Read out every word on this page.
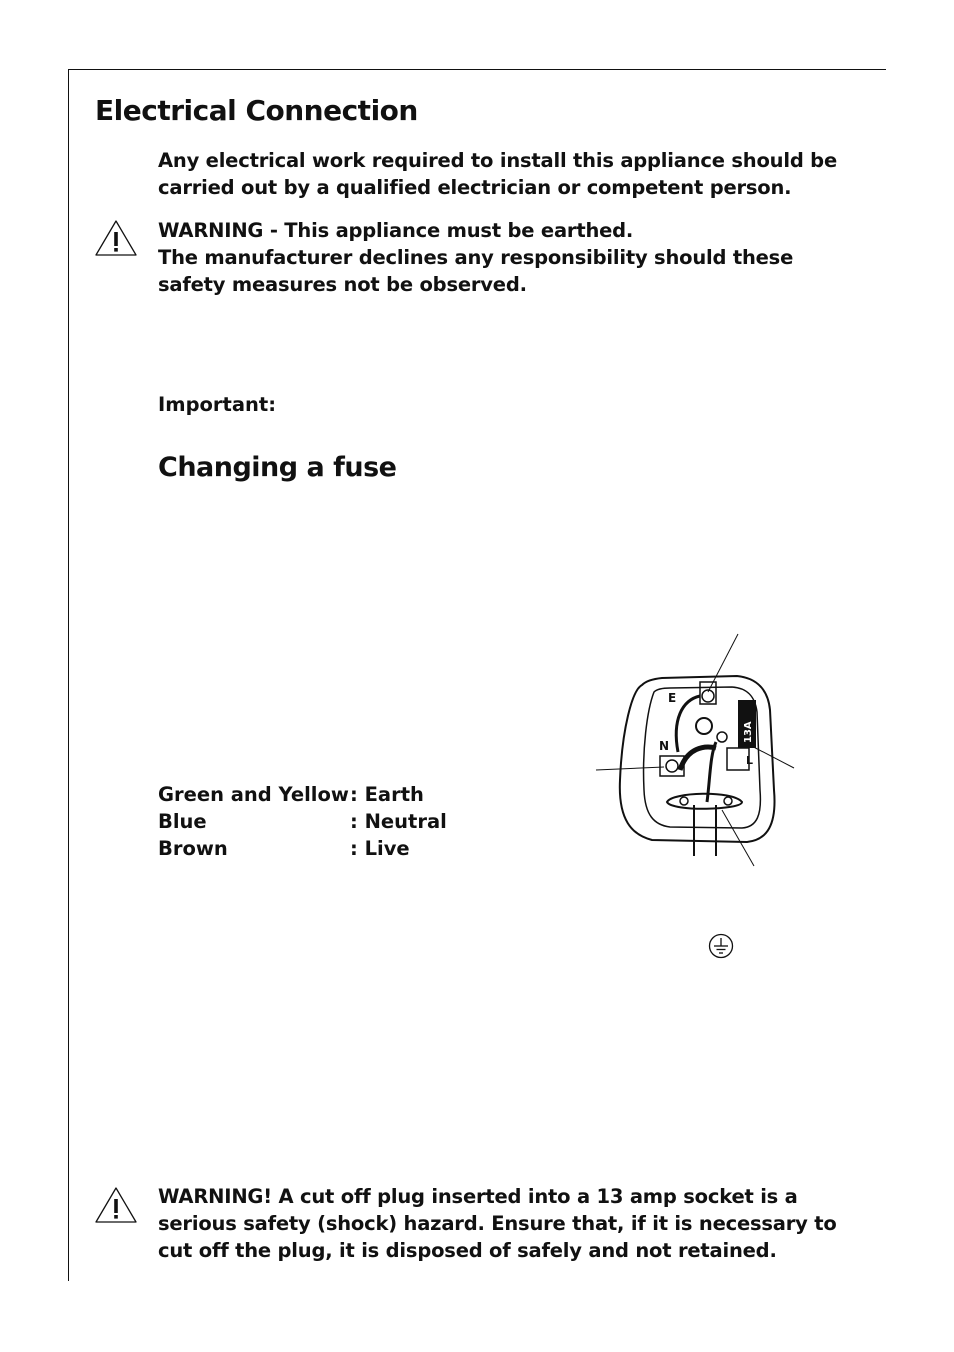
Electrical Connection
Any electrical work required to install this appliance should be carried out by a qualified electrician or competent person.
WARNING - This appliance must be earthed.
The manufacturer declines any responsibility should these safety measures not be observed.
Important:
Changing a fuse
Green and Yellow :
Earth
Blue	:
Neutral
Brown	:
Live
13A
E
N
L
WARNING! A cut off plug inserted into a 13 amp socket is a serious safety (shock) hazard. Ensure that, if it is necessary to cut off the plug, it is disposed of safely and not retained.
